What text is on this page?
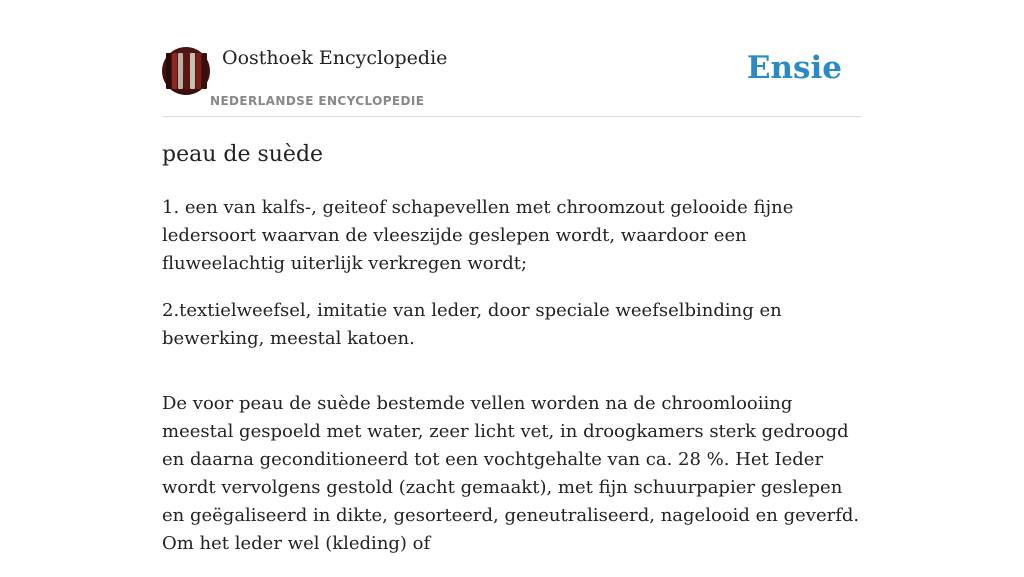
Oosthoek Encyclopedie
NEDERLANDSE ENCYCLOPEDIE
Ensie
peau de suède

1. een van kalfs-, geiteof schapevellen met chroomzout gelooide fijne ledersoort waarvan de vleeszijde geslepen wordt, waardoor een fluweelachtig uiterlijk verkregen wordt;

2.textielweefsel, imitatie van leder, door speciale weefselbinding en bewerking, meestal katoen.

De voor peau de suède bestemde vellen worden na de chroomlooiing meestal gespoeld met water, zeer licht vet, in droogkamers sterk gedroogd en daarna geconditioneerd tot een vochtgehalte van ca. 28 %. Het Ieder wordt vervolgens gestold (zacht gemaakt), met fijn schuurpapier geslepen en geëgaliseerd in dikte, gesorteerd, geneutraliseerd, nagelooid en geverfd. Om het leder wel (kleding) of
